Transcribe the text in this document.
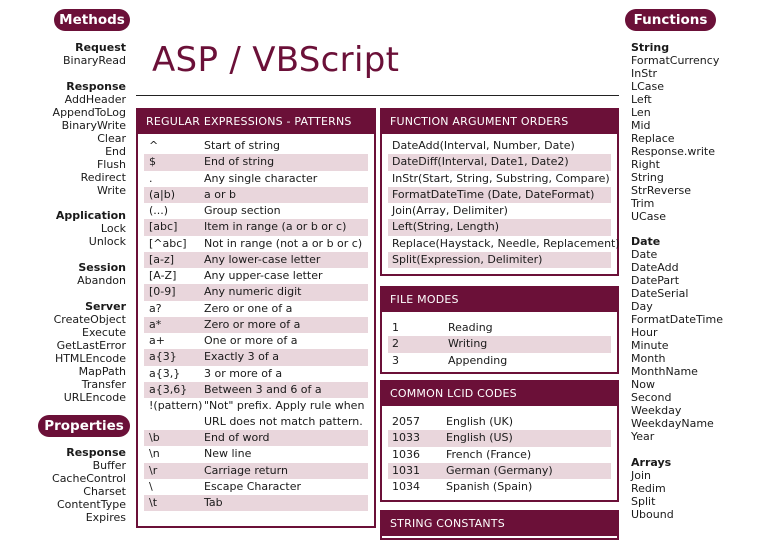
Methods
Request
BinaryRead
Response
AddHeader
AppendToLog
BinaryWrite
Clear
End
Flush
Redirect
Write
Application
Lock
Unlock
Session
Abandon
Server
CreateObject
Execute
GetLastError
HTMLEncode
MapPath
Transfer
URLEncode
Properties
Response
Buffer
CacheControl
Charset
ContentType
Expires
Functions
String
FormatCurrency
InStr
LCase
Left
Len
Mid
Replace
Response.write
Right
String
StrReverse
Trim
UCase
Date
Date
DateAdd
DatePart
DateSerial
Day
FormatDateTime
Hour
Minute
Month
MonthName
Now
Second
Weekday
WeekdayName
Year
Arrays
Join
Redim
Split
Ubound
ASP / VBScript
REGULAR EXPRESSIONS - PATTERNS
^	Start of string
$	End of string
.	Any single character
(a|b)	a or b
(...)	Group section
[abc]	Item in range (a or b or c)
[^abc]	Not in range (not a or b or c)
[a-z]	Any lower-case letter
[A-Z]	Any upper-case letter
[0-9]	Any numeric digit
a?	Zero or one of a
a*	Zero or more of a
a+	One or more of a
a{3}	Exactly 3 of a
a{3,}	3 or more of a
a{3,6}	Between 3 and 6 of a
!(pattern) "Not" prefix. Apply rule when URL does not match pattern.
\b	End of word
\n	New line
\r	Carriage return
\	Escape Character
\t	Tab
FUNCTION ARGUMENT ORDERS
DateAdd(Interval, Number, Date)
DateDiff(Interval, Date1, Date2)
InStr(Start, String, Substring, Compare)
FormatDateTime (Date, DateFormat)
Join(Array, Delimiter)
Left(String, Length)
Replace(Haystack, Needle, Replacement)
Split(Expression, Delimiter)
FILE MODES
1	Reading
2	Writing
3	Appending
COMMON LCID CODES
2057	English (UK)
1033	English (US)
1036	French (France)
1031	German (Germany)
1034	Spanish (Spain)
STRING CONSTANTS
